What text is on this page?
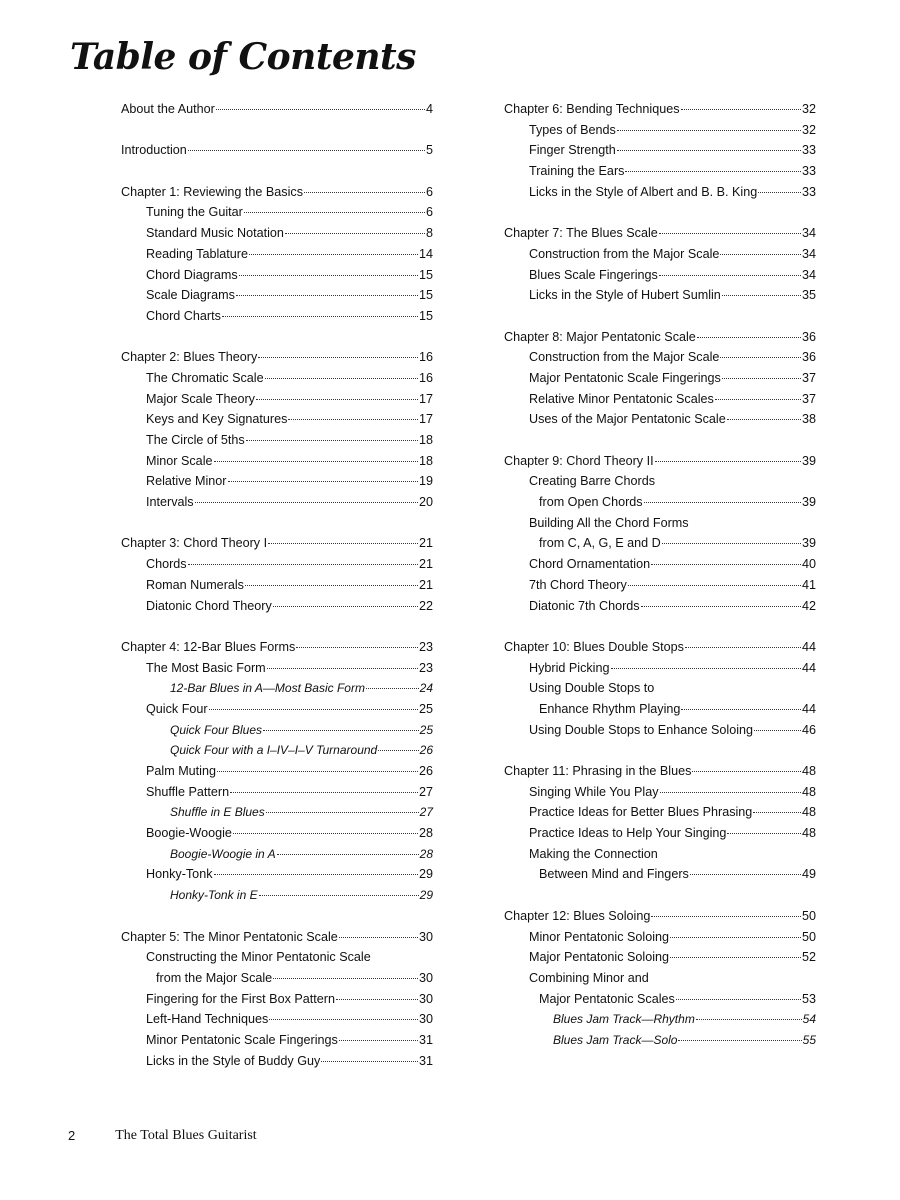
Table of Contents
About the Author	4
Introduction	5
Chapter 1: Reviewing the Basics	6
Tuning the Guitar	6
Standard Music Notation	8
Reading Tablature	14
Chord Diagrams	15
Scale Diagrams	15
Chord Charts	15
Chapter 2: Blues Theory	16
The Chromatic Scale	16
Major Scale Theory	17
Keys and Key Signatures	17
The Circle of 5ths	18
Minor Scale	18
Relative Minor	19
Intervals	20
Chapter 3: Chord Theory I	21
Chords	21
Roman Numerals	21
Diatonic Chord Theory	22
Chapter 4: 12-Bar Blues Forms	23
The Most Basic Form	23
12-Bar Blues in A—Most Basic Form	24
Quick Four	25
Quick Four Blues	25
Quick Four with a I–IV–I–V Turnaround	26
Palm Muting	26
Shuffle Pattern	27
Shuffle in E Blues	27
Boogie-Woogie	28
Boogie-Woogie in A	28
Honky-Tonk	29
Honky-Tonk in E	29
Chapter 5: The Minor Pentatonic Scale	30
Constructing the Minor Pentatonic Scale
from the Major Scale	30
Fingering for the First Box Pattern	30
Left-Hand Techniques	30
Minor Pentatonic Scale Fingerings	31
Licks in the Style of Buddy Guy	31
Chapter 6: Bending Techniques	32
Types of Bends	32
Finger Strength	33
Training the Ears	33
Licks in the Style of Albert and B. B. King	33
Chapter 7: The Blues Scale	34
Construction from the Major Scale	34
Blues Scale Fingerings	34
Licks in the Style of Hubert Sumlin	35
Chapter 8: Major Pentatonic Scale	36
Construction from the Major Scale	36
Major Pentatonic Scale Fingerings	37
Relative Minor Pentatonic Scales	37
Uses of the Major Pentatonic Scale	38
Chapter 9: Chord Theory II	39
Creating Barre Chords
from Open Chords	39
Building All the Chord Forms
from C, A, G, E and D	39
Chord Ornamentation	40
7th Chord Theory	41
Diatonic 7th Chords	42
Chapter 10: Blues Double Stops	44
Hybrid Picking	44
Using Double Stops to
Enhance Rhythm Playing	44
Using Double Stops to Enhance Soloing	46
Chapter 11: Phrasing in the Blues	48
Singing While You Play	48
Practice Ideas for Better Blues Phrasing	48
Practice Ideas to Help Your Singing	48
Making the Connection
Between Mind and Fingers	49
Chapter 12: Blues Soloing	50
Minor Pentatonic Soloing	50
Major Pentatonic Soloing	52
Combining Minor and
Major Pentatonic Scales	53
Blues Jam Track—Rhythm	54
Blues Jam Track—Solo	55
2	The Total Blues Guitarist
